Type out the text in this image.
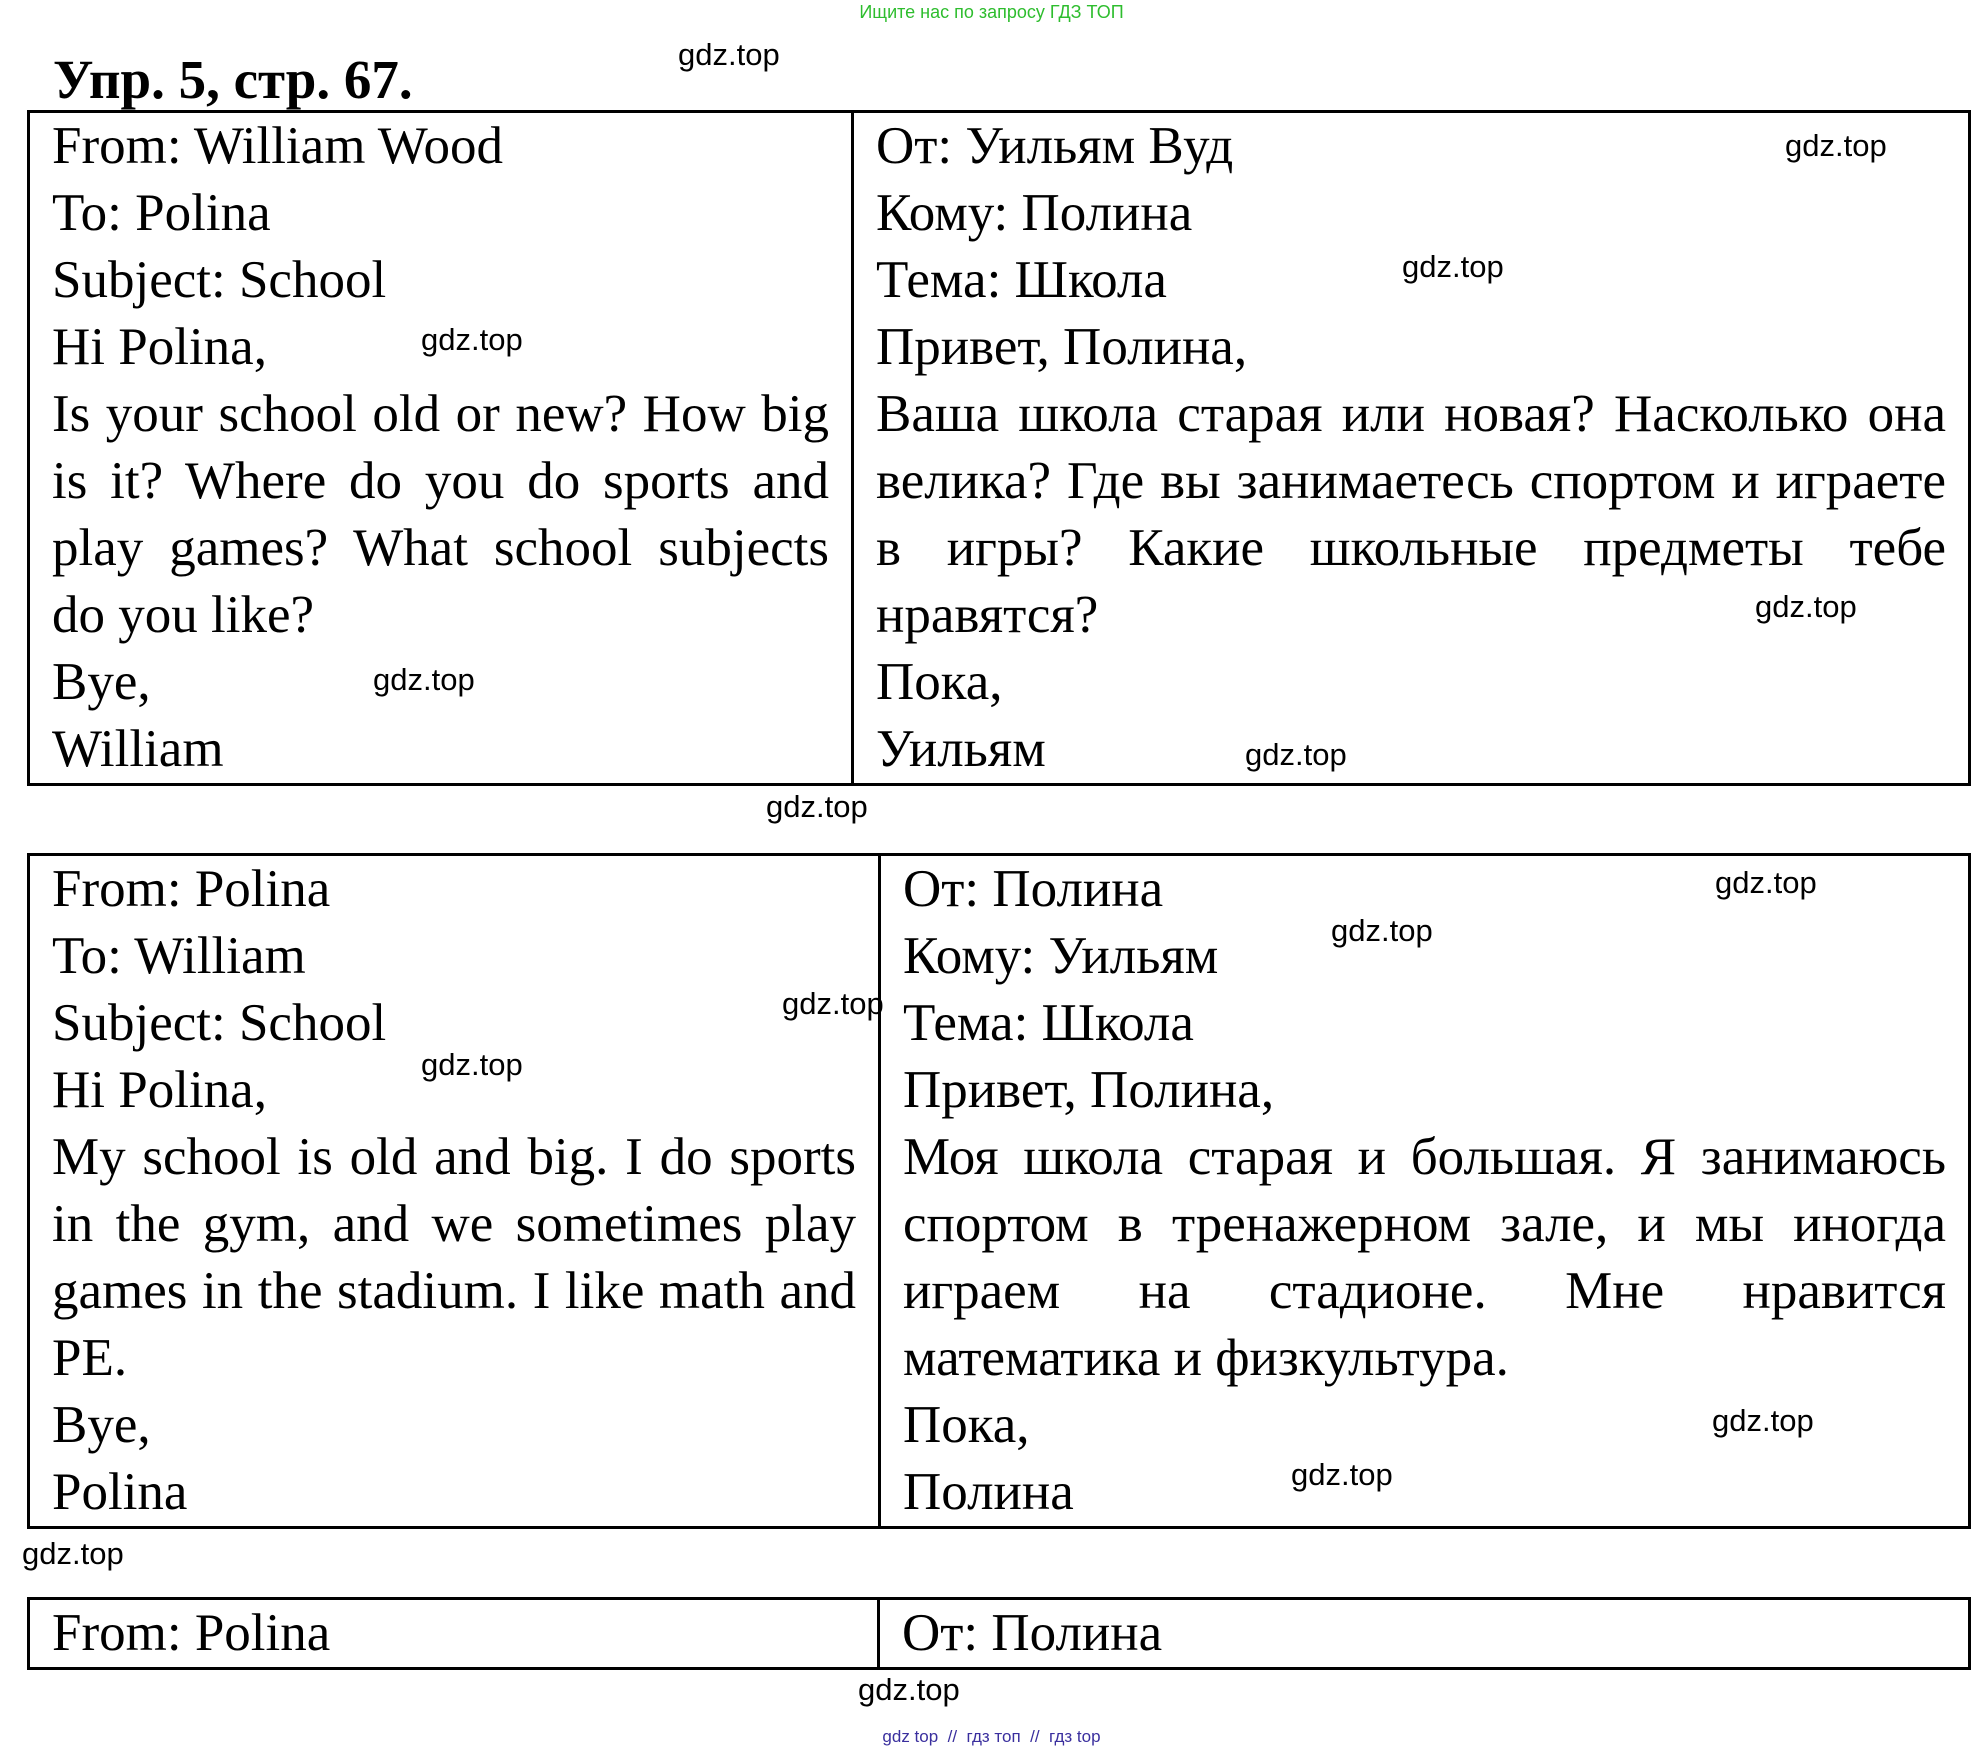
Ищите нас по запросу ГДЗ ТОП
Упр. 5, стр. 67.
From: William Wood
To: Polina
Subject: School
Hi Polina,
Is your school old or new? How big is it? Where do you do sports and play games? What school subjects do you like?
Bye,
William

От: Уильям Вуд
Кому: Полина
Тема: Школа
Привет, Полина,
Ваша школа старая или новая? Насколько она велика? Где вы занимаетесь спортом и играете в игры? Какие школьные предметы тебе нравятся?
Пока,
Уильям
From: Polina
To: William
Subject: School
Hi Polina,
My school is old and big. I do sports in the gym, and we sometimes play games in the stadium. I like math and PE.
Bye,
Polina

От: Полина
Кому: Уильям
Тема: Школа
Привет, Полина,
Моя школа старая и большая. Я занимаюсь спортом в тренажерном зале, и мы иногда играем на стадионе. Мне нравится математика и физкультура.
Пока,
Полина
From: Polina	От: Полина
gdz.top
gdz.top
gdz.top
gdz.top
gdz.top
gdz.top
gdz.top
gdz.top
gdz.top
gdz.top
gdz.top
gdz.top
gdz.top
gdz.top
gdz.top
gdz.top
gdz top // гдз топ // гдз top
